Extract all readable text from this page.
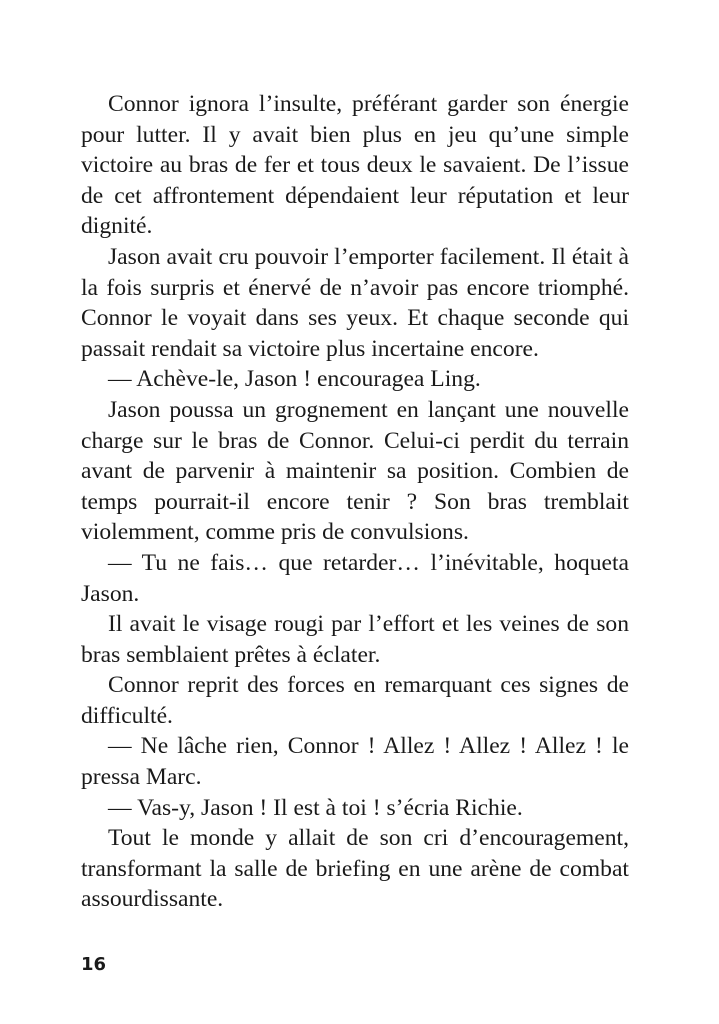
Connor ignora l’insulte, préférant garder son énergie pour lutter. Il y avait bien plus en jeu qu’une simple victoire au bras de fer et tous deux le savaient. De l’issue de cet affrontement dépendaient leur réputation et leur dignité.

Jason avait cru pouvoir l’emporter facilement. Il était à la fois surpris et énervé de n’avoir pas encore triomphé. Connor le voyait dans ses yeux. Et chaque seconde qui passait rendait sa victoire plus incertaine encore.

— Achève-le, Jason ! encouragea Ling.

Jason poussa un grognement en lançant une nouvelle charge sur le bras de Connor. Celui-ci perdit du terrain avant de parvenir à maintenir sa position. Combien de temps pourrait-il encore tenir ? Son bras tremblait violemment, comme pris de convulsions.

— Tu ne fais… que retarder… l’inévitable, hoqueta Jason.

Il avait le visage rougi par l’effort et les veines de son bras semblaient prêtes à éclater.

Connor reprit des forces en remarquant ces signes de difficulté.

— Ne lâche rien, Connor ! Allez ! Allez ! Allez ! le pressa Marc.

— Vas-y, Jason ! Il est à toi ! s’écria Richie.

Tout le monde y allait de son cri d’encouragement, transformant la salle de briefing en une arène de combat assourdissante.

16
